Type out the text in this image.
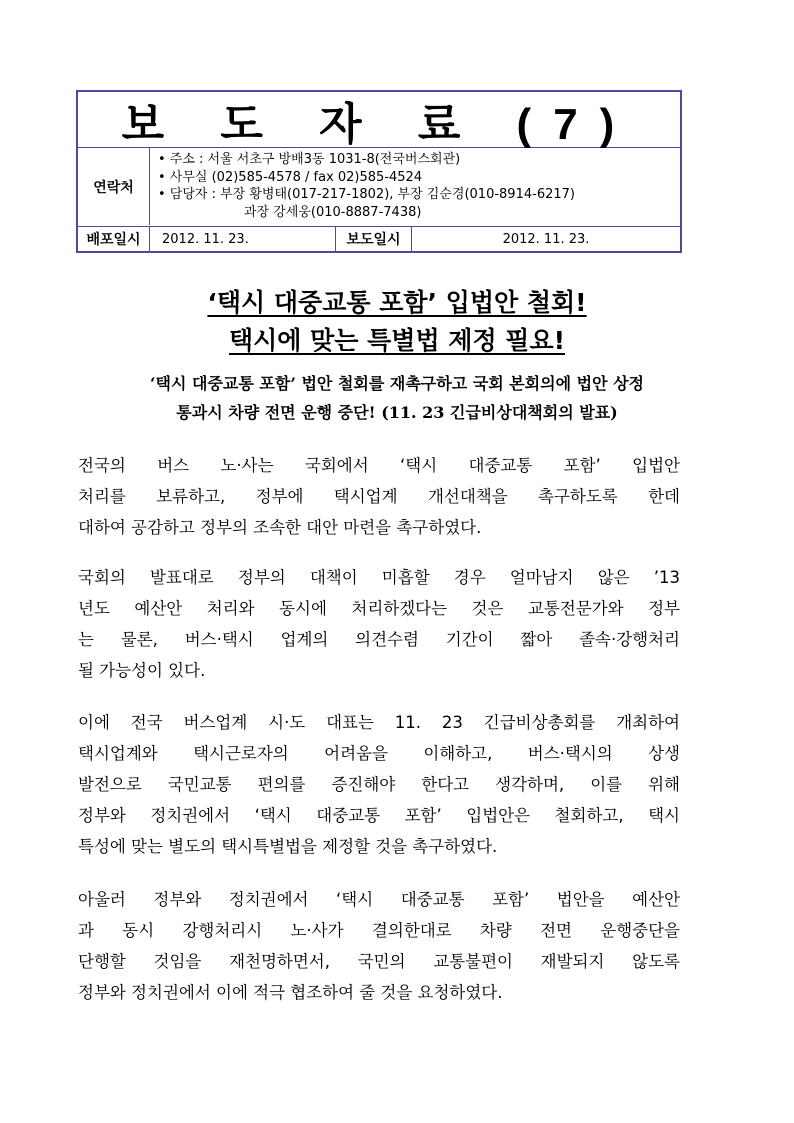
보 도 자 료 (7)
연락처
• 주소 : 서울 서초구 방배3동 1031-8(전국버스회관)
• 사무실 (02)585-4578 / fax 02)585-4524
• 담당자 : 부장 황병태(017-217-1802), 부장 김순경(010-8914-6217)
과장 강세웅(010-8887-7438)
배포일시	2012. 11. 23.	보도일시	2012. 11. 23.
‘택시 대중교통 포함’ 입법안 철회!
택시에 맞는 특별법 제정 필요!
‘택시 대중교통 포함’ 법안 철회를 재촉구하고 국회 본회의에 법안 상정
통과시 차량 전면 운행 중단! (11. 23 긴급비상대책회의 발표)
전국의 버스 노·사는 국회에서 ‘택시 대중교통 포함’ 입법안
처리를 보류하고, 정부에 택시업계 개선대책을 촉구하도록 한데
대하여 공감하고 정부의 조속한 대안 마련을 촉구하였다.
국회의 발표대로 정부의 대책이 미흡할 경우 얼마남지 않은 ’13
년도 예산안 처리와 동시에 처리하겠다는 것은 교통전문가와 정부
는 물론, 버스·택시 업계의 의견수렴 기간이 짧아 졸속·강행처리
될 가능성이 있다.
이에 전국 버스업계 시·도 대표는 11. 23 긴급비상총회를 개최하여
택시업계와 택시근로자의 어려움을 이해하고, 버스·택시의 상생
발전으로 국민교통 편의를 증진해야 한다고 생각하며, 이를 위해
정부와 정치권에서 ‘택시 대중교통 포함’ 입법안은 철회하고, 택시
특성에 맞는 별도의 택시특별법을 제정할 것을 촉구하였다.
아울러 정부와 정치권에서 ‘택시 대중교통 포함’ 법안을 예산안
과 동시 강행처리시 노·사가 결의한대로 차량 전면 운행중단을
단행할 것임을 재천명하면서, 국민의 교통불편이 재발되지 않도록
정부와 정치권에서 이에 적극 협조하여 줄 것을 요청하였다.
